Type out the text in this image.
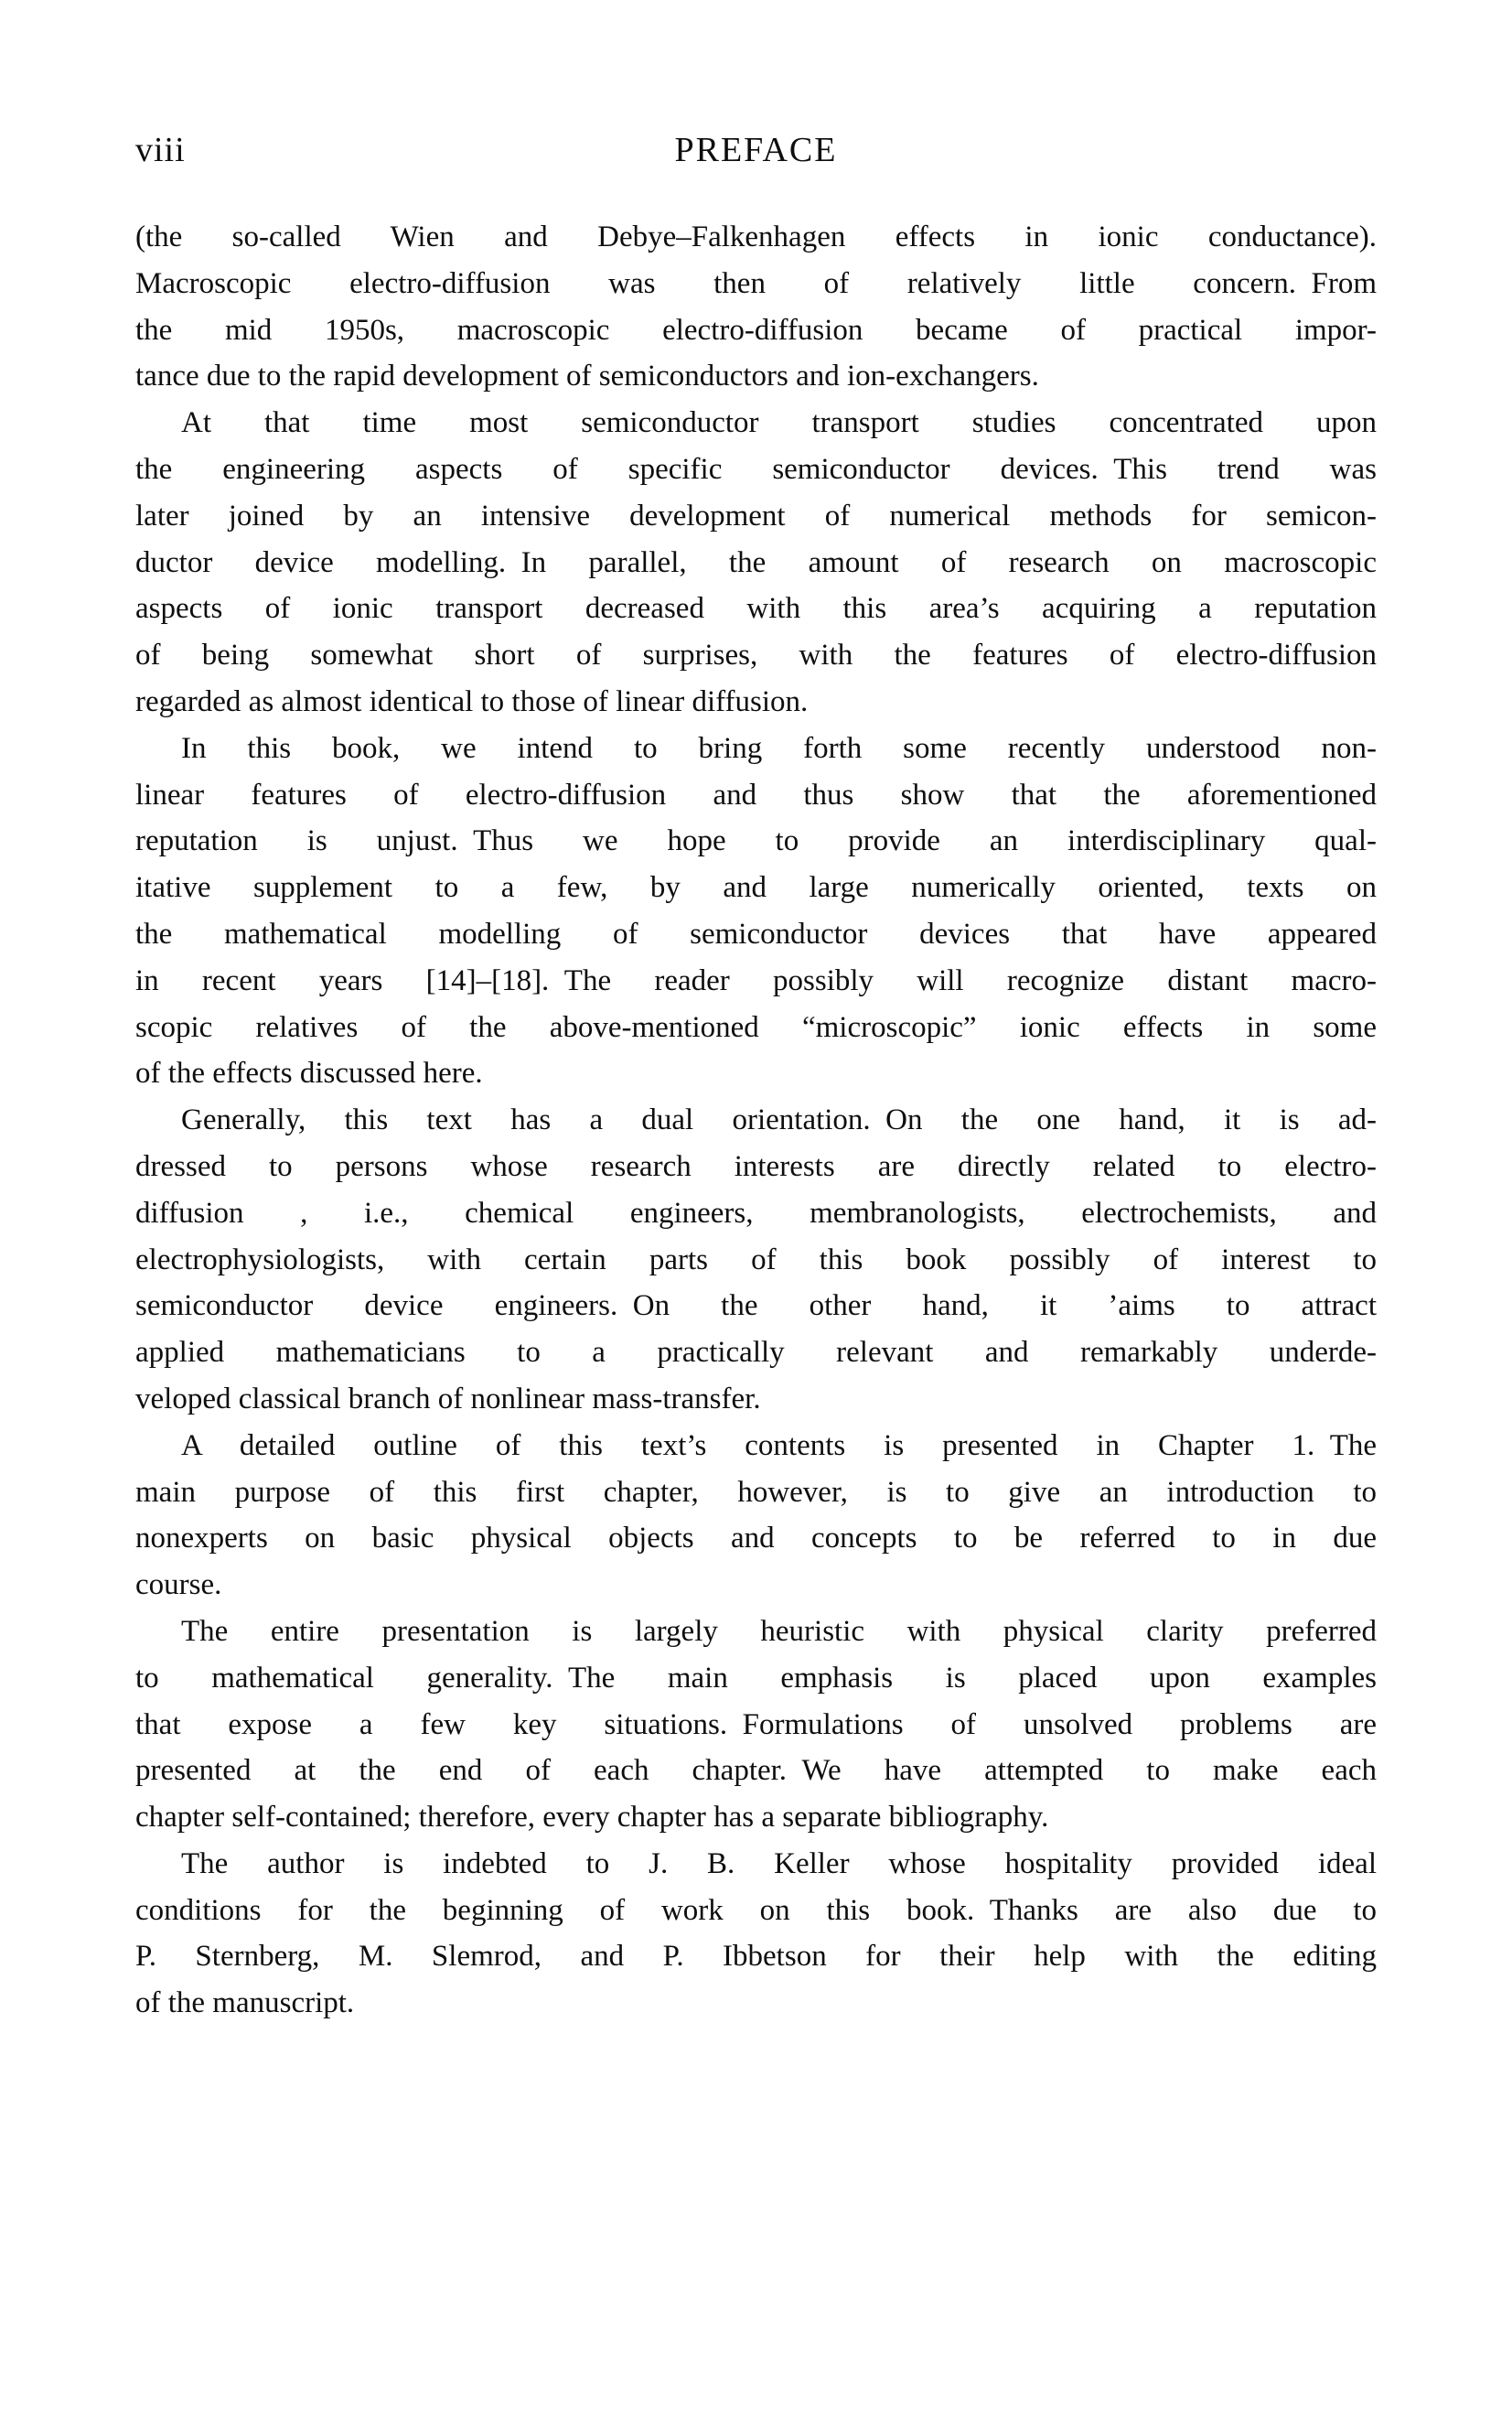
viii	PREFACE
(the so-called Wien and Debye–Falkenhagen effects in ionic conductance).
Macroscopic electro-diffusion was then of relatively little concern. From
the mid 1950s, macroscopic electro-diffusion became of practical impor-
tance due to the rapid development of semiconductors and ion-exchangers.
At that time most semiconductor transport studies concentrated upon
the engineering aspects of specific semiconductor devices. This trend was
later joined by an intensive development of numerical methods for semicon-
ductor device modelling. In parallel, the amount of research on macroscopic
aspects of ionic transport decreased with this area’s acquiring a reputation
of being somewhat short of surprises, with the features of electro-diffusion
regarded as almost identical to those of linear diffusion.
In this book, we intend to bring forth some recently understood non-
linear features of electro-diffusion and thus show that the aforementioned
reputation is unjust. Thus we hope to provide an interdisciplinary qual-
itative supplement to a few, by and large numerically oriented, texts on
the mathematical modelling of semiconductor devices that have appeared
in recent years [14]–[18]. The reader possibly will recognize distant macro-
scopic relatives of the above-mentioned “microscopic” ionic effects in some
of the effects discussed here.
Generally, this text has a dual orientation. On the one hand, it is ad-
dressed to persons whose research interests are directly related to electro-
diffusion , i.e., chemical engineers, membranologists, electrochemists, and
electrophysiologists, with certain parts of this book possibly of interest to
semiconductor device engineers. On the other hand, it ’aims to attract
applied mathematicians to a practically relevant and remarkably underde-
veloped classical branch of nonlinear mass-transfer.
A detailed outline of this text’s contents is presented in Chapter 1. The
main purpose of this first chapter, however, is to give an introduction to
nonexperts on basic physical objects and concepts to be referred to in due
course.
The entire presentation is largely heuristic with physical clarity preferred
to mathematical generality. The main emphasis is placed upon examples
that expose a few key situations. Formulations of unsolved problems are
presented at the end of each chapter. We have attempted to make each
chapter self-contained; therefore, every chapter has a separate bibliography.
The author is indebted to J. B. Keller whose hospitality provided ideal
conditions for the beginning of work on this book. Thanks are also due to
P. Sternberg, M. Slemrod, and P. Ibbetson for their help with the editing
of the manuscript.
